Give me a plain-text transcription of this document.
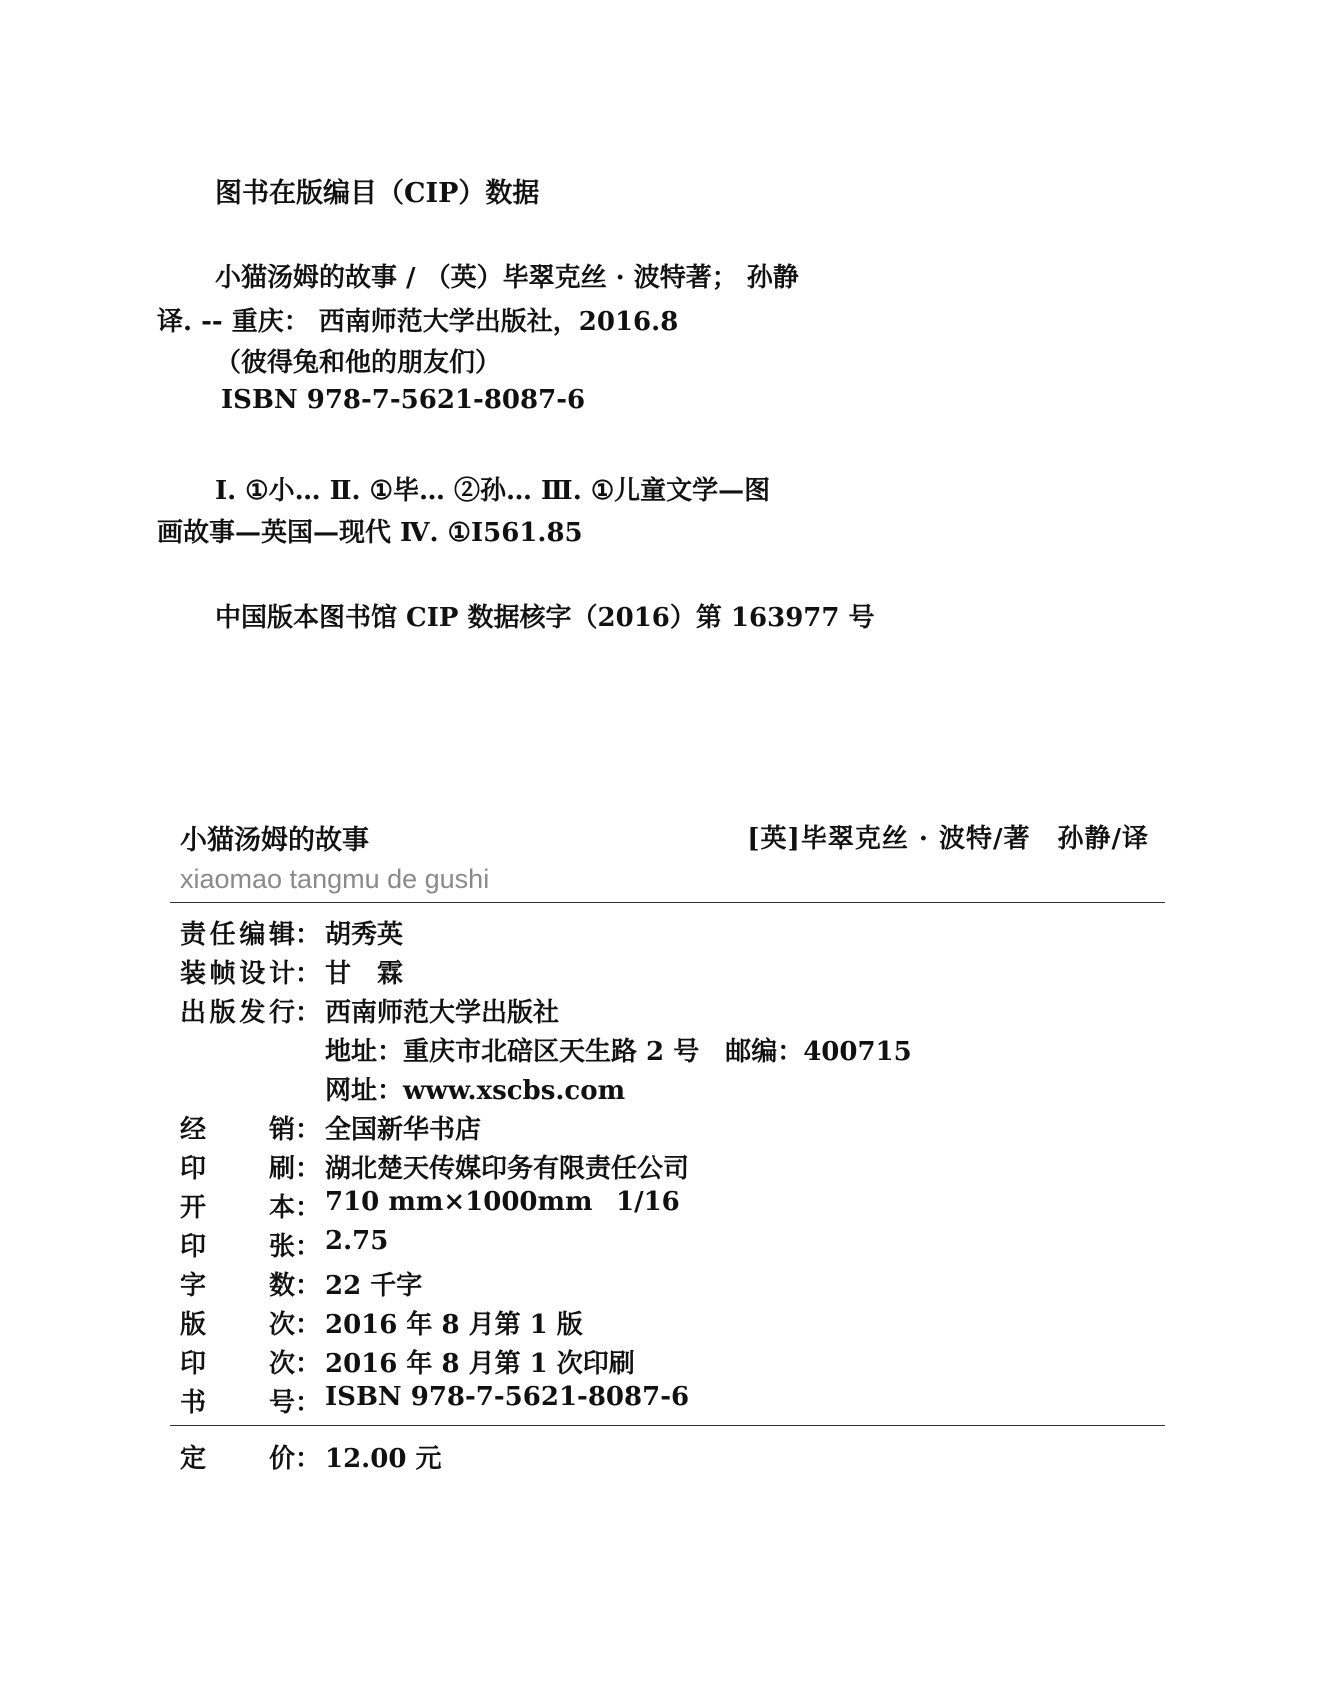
图书在版编目（CIP）数据
小猫汤姆的故事 / （英）毕翠克丝 · 波特著； 孙静
译. -- 重庆： 西南师范大学出版社，2016.8
（彼得兔和他的朋友们）
ISBN 978-7-5621-8087-6
Ⅰ. ①小… Ⅱ. ①毕… ②孙… Ⅲ. ①儿童文学—图
画故事—英国—现代 Ⅳ. ①I561.85
中国版本图书馆 CIP 数据核字（2016）第 163977 号
小猫汤姆的故事	[英]毕翠克丝 · 波特/著　孙静/译
xiaomao tangmu de gushi
责 任 编 辑 ： 胡秀英
装 帧 设 计 ： 甘　霖
出 版 发 行 ： 西南师范大学出版社
地址：重庆市北碚区天生路 2 号　邮编：400715
网址：www.xscbs.com
经 销 ： 全国新华书店
印 刷 ： 湖北楚天传媒印务有限责任公司
开 本 ： 710 mm×1000mm 1/16
印 张 ： 2.75
字 数 ： 22 千字
版 次 ： 2016 年 8 月第 1 版
印 次 ： 2016 年 8 月第 1 次印刷
书 号 ： ISBN 978-7-5621-8087-6
定 价 ： 12.00 元
